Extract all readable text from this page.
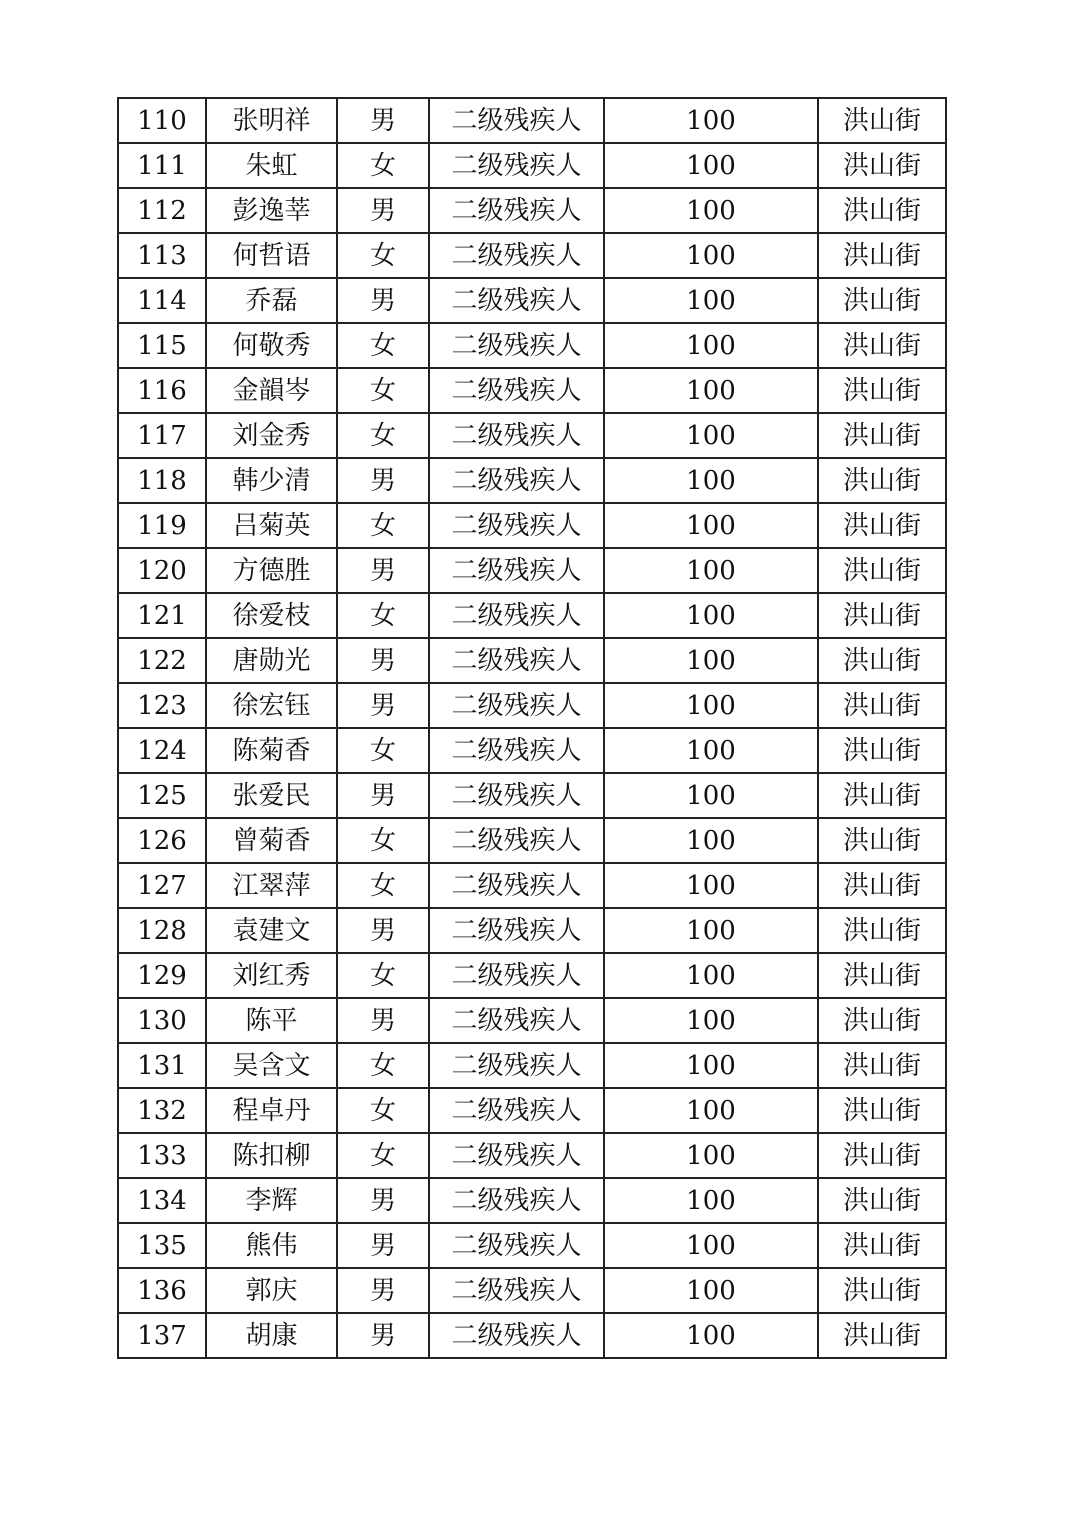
110	张明祥	男	二级残疾人	100	洪山街
111	朱虹	女	二级残疾人	100	洪山街
112	彭逸莘	男	二级残疾人	100	洪山街
113	何哲语	女	二级残疾人	100	洪山街
114	乔磊	男	二级残疾人	100	洪山街
115	何敬秀	女	二级残疾人	100	洪山街
116	金韻岑	女	二级残疾人	100	洪山街
117	刘金秀	女	二级残疾人	100	洪山街
118	韩少清	男	二级残疾人	100	洪山街
119	吕菊英	女	二级残疾人	100	洪山街
120	方德胜	男	二级残疾人	100	洪山街
121	徐爱枝	女	二级残疾人	100	洪山街
122	唐勋光	男	二级残疾人	100	洪山街
123	徐宏钰	男	二级残疾人	100	洪山街
124	陈菊香	女	二级残疾人	100	洪山街
125	张爱民	男	二级残疾人	100	洪山街
126	曾菊香	女	二级残疾人	100	洪山街
127	江翠萍	女	二级残疾人	100	洪山街
128	袁建文	男	二级残疾人	100	洪山街
129	刘红秀	女	二级残疾人	100	洪山街
130	陈平	男	二级残疾人	100	洪山街
131	吴含文	女	二级残疾人	100	洪山街
132	程卓丹	女	二级残疾人	100	洪山街
133	陈扣柳	女	二级残疾人	100	洪山街
134	李辉	男	二级残疾人	100	洪山街
135	熊伟	男	二级残疾人	100	洪山街
136	郭庆	男	二级残疾人	100	洪山街
137	胡康	男	二级残疾人	100	洪山街
